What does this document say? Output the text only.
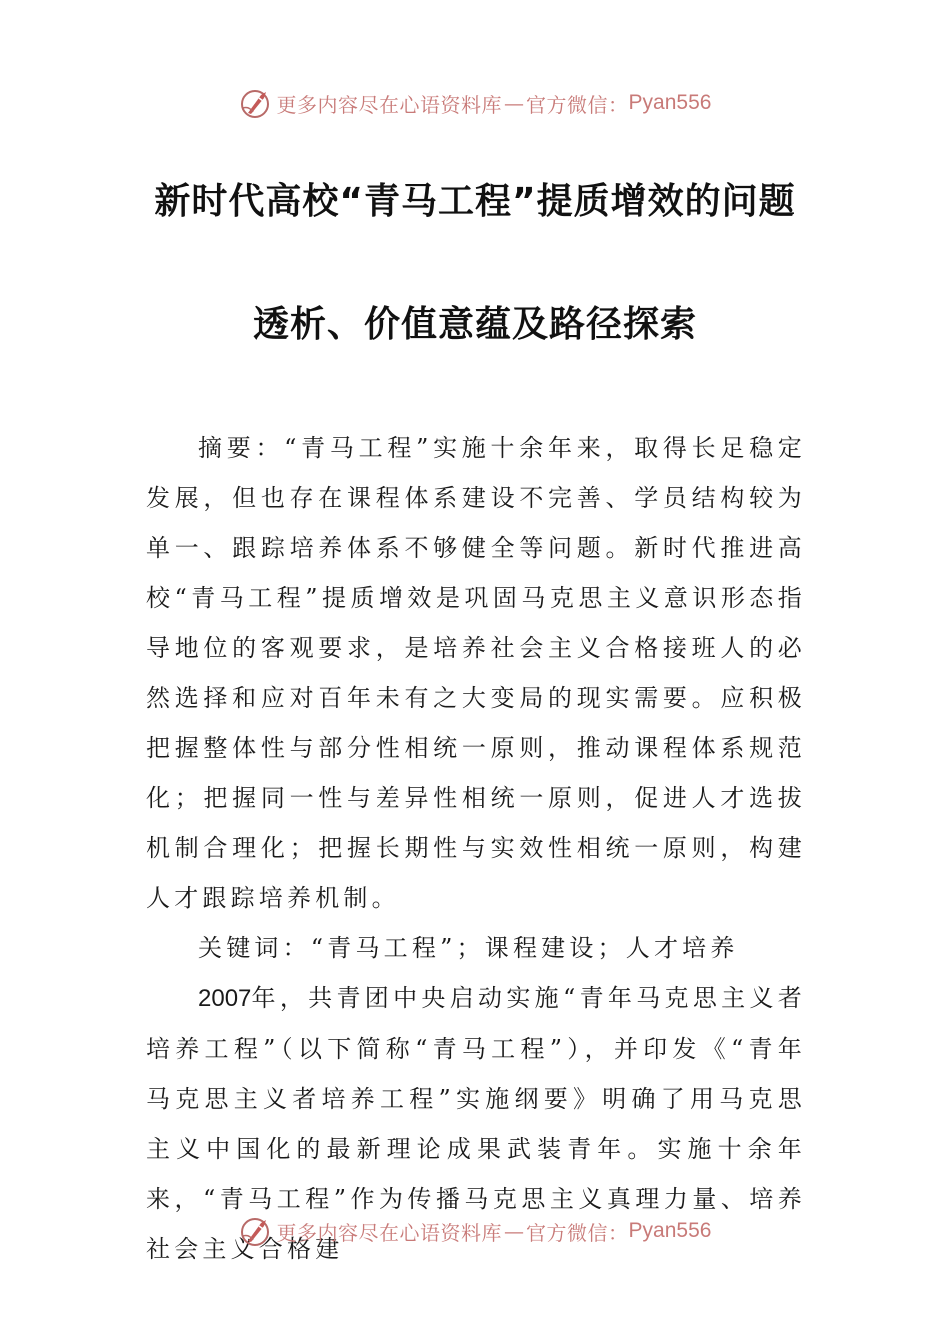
更多内容尽在心语资料库 — 官方微信： Pyan556
新时代高校“青马工程”提质增效的问题
透析、价值意蕴及路径探索

摘要：“青马工程”实施十余年来，取得长足稳定发展，但也存在课程体系建设不完善、学员结构较为单一、跟踪培养体系不够健全等问题。新时代推进高校“青马工程”提质增效是巩固马克思主义意识形态指导地位的客观要求，是培养社会主义合格接班人的必然选择和应对百年未有之大变局的现实需要。应积极把握整体性与部分性相统一原则，推动课程体系规范化；把握同一性与差异性相统一原则，促进人才选拔机制合理化；把握长期性与实效性相统一原则，构建人才跟踪培养机制。

关键词：“青马工程”；课程建设；人才培养

2007年，共青团中央启动实施“青年马克思主义者培养工程”（以下简称“青马工程”），并印发《“青年马克思主义者培养工程”实施纲要》明确了用马克思主义中国化的最新理论成果武装青年。实施十余年来，“青马工程”作为传播马克思主义真理力量、培养社会主义合格建

更多内容尽在心语资料库 — 官方微信： Pyan556
